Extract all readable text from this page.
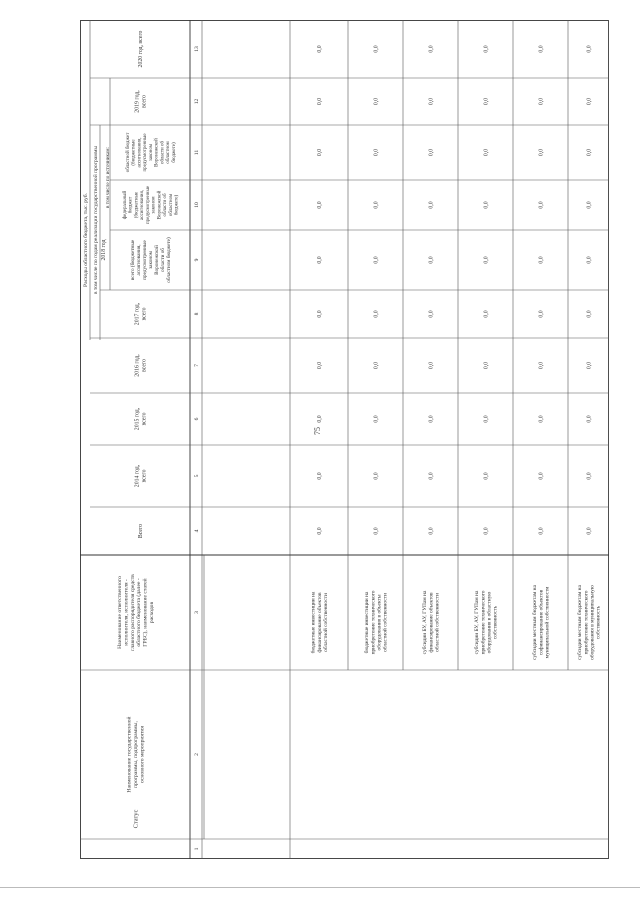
75
Статус
Наименование государственнойпрограммы, подпрограммы,основного мероприятия
Наименование ответственногоисполнителя, исполнителя -главного распорядителя средствобластного бюджета (далее -ГРБС), наименование статейрасходов
Расходы областного бюджета, тыс. руб. в том числе по годам реализации государственной программы
Всего
2014 год,всего
2015 год,всего
2016 год,всего
2017 год,всего
2018 год	всего (бюджетныеассигнования,предусмотренныезакономВоронежскойобласти обобластном бюджете)
в том числе по источникам: федеральныйбюджет(бюджетныеассигнования,предусмотренныезакономВоронежскойобласти обобластномбюджете)
областной бюджет(бюджетныеассигнования,предусмотренныезакономВоронежскойобласти обобластномбюджете)
2019 год,всего
2020 год, всего
1
2
3
4
5
6
7
8
9
10
11
12
13
бюджетные инвестиции нафинансирование объектовобластной собственности
0,0
0,0
0,0
0,0
0,0
0,0
0,0
0,0
0,0
0,0
бюджетные инвестиции наприобретение техническогооборудования в объектыобластной собственности
0,0
0,0
0,0
0,0
0,0
0,0
0,0
0,0
0,0
0,0
субсидии БУ, АУ, ГУПам нафинансирование объектовобластной собственности
0,0
0,0
0,0
0,0
0,0
0,0
0,0
0,0
0,0
0,0
субсидии БУ, АУ, ГУПам наприобретение техническогооборудования в областнуюсобственность
0,0
0,0
0,0
0,0
0,0
0,0
0,0
0,0
0,0
0,0
субсидии местным бюджетам насофинансирование объектовмуниципальной собственности
0,0
0,0
0,0
0,0
0,0
0,0
0,0
0,0
0,0
0,0
субсидии местным бюджетам наприобретение техническогооборудования в муниципальнуюсобственность
0,0
0,0
0,0
0,0
0,0
0,0
0,0
0,0
0,0
0,0
